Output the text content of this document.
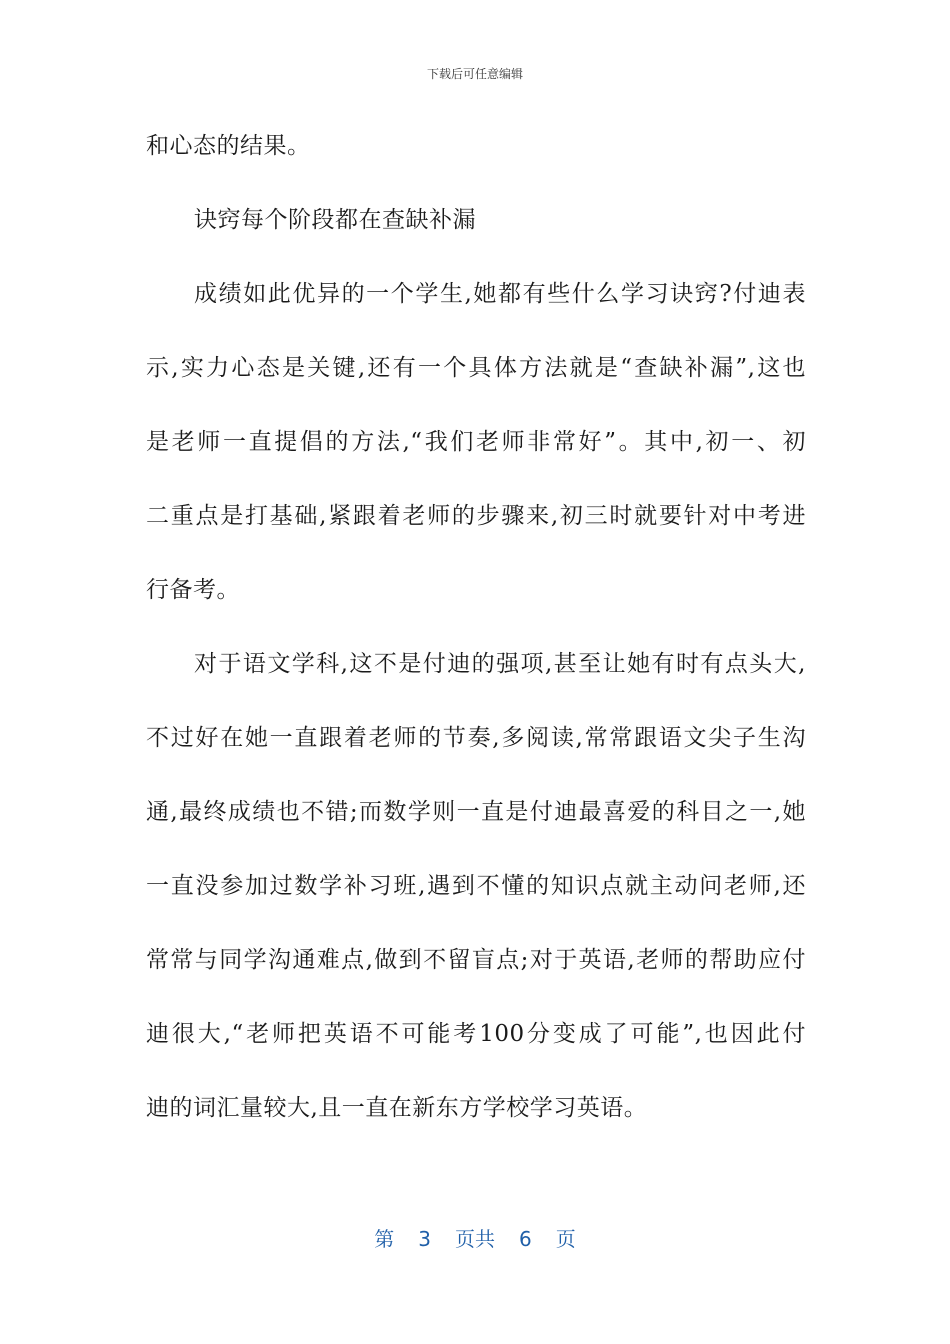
下载后可任意编辑
和心态的结果。
诀窍每个阶段都在查缺补漏
成绩如此优异的一个学生,她都有些什么学习诀窍?付迪表
示,实力心态是关键,还有一个具体方法就是“查缺补漏”,这也
是老师一直提倡的方法,“我们老师非常好”。其中,初一、初
二重点是打基础,紧跟着老师的步骤来,初三时就要针对中考进
行备考。
对于语文学科,这不是付迪的强项,甚至让她有时有点头大,
不过好在她一直跟着老师的节奏,多阅读,常常跟语文尖子生沟
通,最终成绩也不错;而数学则一直是付迪最喜爱的科目之一,她
一直没参加过数学补习班,遇到不懂的知识点就主动问老师,还
常常与同学沟通难点,做到不留盲点;对于英语,老师的帮助应付
迪很大,“老师把英语不可能考100分变成了可能”,也因此付
迪的词汇量较大,且一直在新东方学校学习英语。
第 3 页共 6 页
